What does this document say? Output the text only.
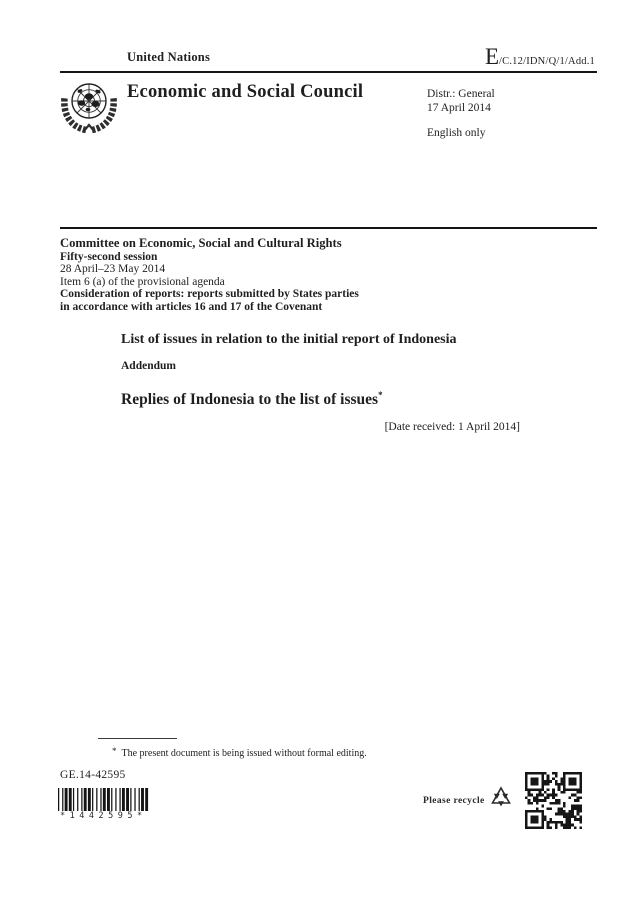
United Nations	E /C.12/IDN/Q/1/Add.1
Economic and Social Council	Distr.: General
17 April 2014
English only
Committee on Economic, Social and Cultural Rights
Fifty-second session
28 April–23 May 2014
Item 6 (a) of the provisional agenda
Consideration of reports: reports submitted by States parties
in accordance with articles 16 and 17 of the Covenant
List of issues in relation to the initial report of Indonesia
Addendum
Replies of Indonesia to the list of issues*
[Date received: 1 April 2014]
* The present document is being issued without formal editing.
GE.14-42595
*1442595*
Please recycle
